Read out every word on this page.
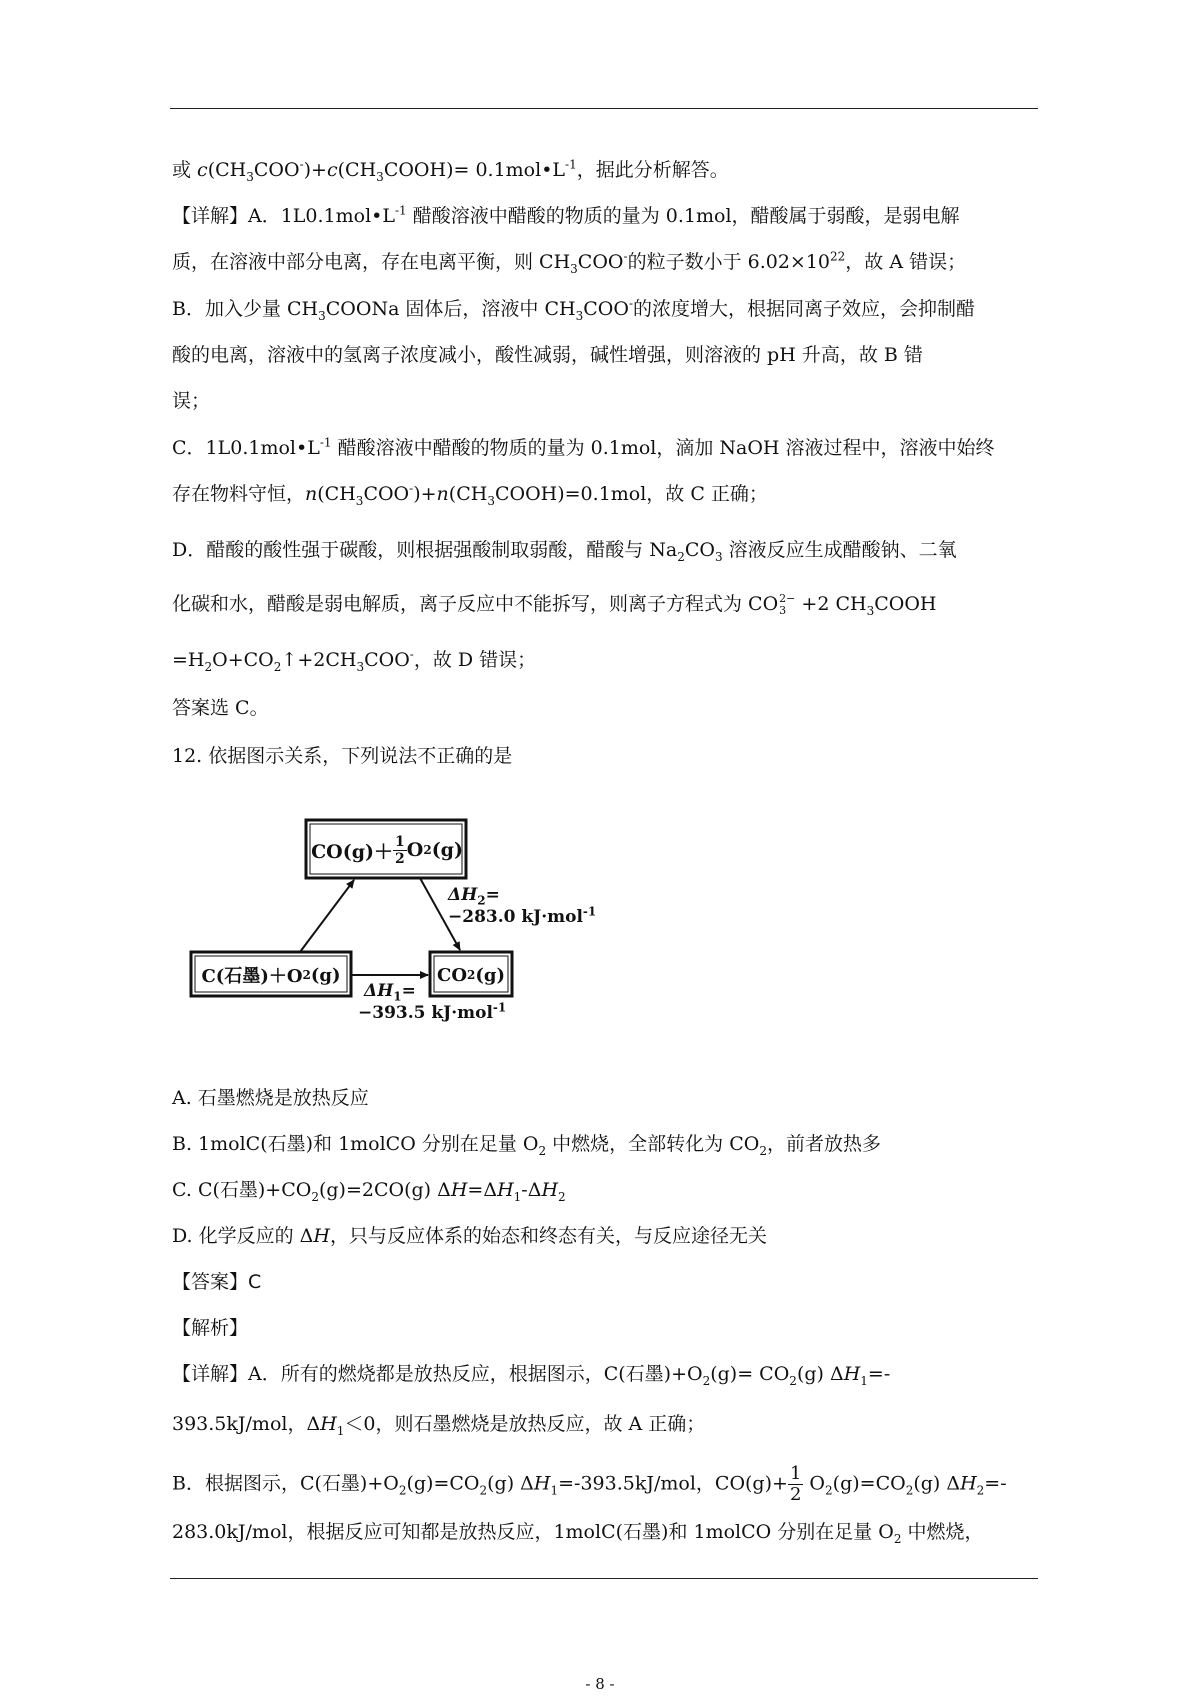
或 $c(CH_3COO^-)+c(CH_3COOH)=$ $0.1mol•L^{-1}$，据此分析解答。
【详解】A．$1L0.1mol•L^{-1}$ 醋酸溶液中醋酸的物质的量为 0.1mol，醋酸属于弱酸，是弱电解
质，在溶液中部分电离，存在电离平衡，则 $CH_3COO^-$的粒子数小于 $6.02\times 10^{22}$，故 A 错误；
B．加入少量 $CH_3COONa$ 固体后，溶液中 $CH_3COO^-$的浓度增大，根据同离子效应，会抑制醋
酸的电离，溶液中的氢离子浓度减小，酸性减弱，碱性增强，则溶液的 pH 升高，故 B 错
误；
C．$1L0.1mol•L^{-1}$ 醋酸溶液中醋酸的物质的量为 0.1mol，滴加 NaOH 溶液过程中，溶液中始终
存在物料守恒，$n(CH_3COO^-)+n(CH_3COOH)=0.1mol$，故 C 正确；
D．醋酸的酸性强于碳酸，则根据强酸制取弱酸，醋酸与 $Na_2CO_3$ 溶液反应生成醋酸钠、二氧
化碳和水，醋酸是弱电解质，离子反应中不能拆写，则离子方程式为 CO 2−
3 +2 $CH_3COOH$
$=H_2O+CO_2↑+2CH_3COO^-$，故 D 错误；
答案选 C。
12. 依据图示关系，下列说法不正确的是
$CO(g)+ \frac{1}{2}$ O 2 (g)
C(石墨)＋O 2 (g)	CO 2 (g)
$\Delta H_2=$
−283.0 kJ·mol$^{-1}$
$\Delta H_1=$
−393.5 kJ·mol$^{-1}$
A. 石墨燃烧是放热反应
B. 1molC(石墨)和 1molCO 分别在足量 $O_2$ 中燃烧，全部转化为 $CO_2$，前者放热多
C. C(石墨)$+CO_2(g)=2CO(g)$ $\Delta H=\Delta H_1-\Delta H_2$
D. 化学反应的 ΔH，只与反应体系的始态和终态有关，与反应途径无关
【答案】C
【解析】
【详解】A．所有的燃烧都是放热反应，根据图示，C(石墨)$+O_2(g)= CO_2(g)$ $\Delta H_1=-$
393.5kJ/mol，$\Delta H_1<0$，则石墨燃烧是放热反应，故 A 正确；
B．根据图示，C(石墨)$+O_2(g)=CO_2(g)$ $\Delta H_1=-393.5kJ$/mol，$CO(g)+ \frac{1}{2} O_2(g)=CO_2(g)$ $\Delta H_2=-$
283.0kJ/mol，根据反应可知都是放热反应，1molC(石墨)和 1molCO 分别在足量 $O_2$ 中燃烧，
- 8 -
